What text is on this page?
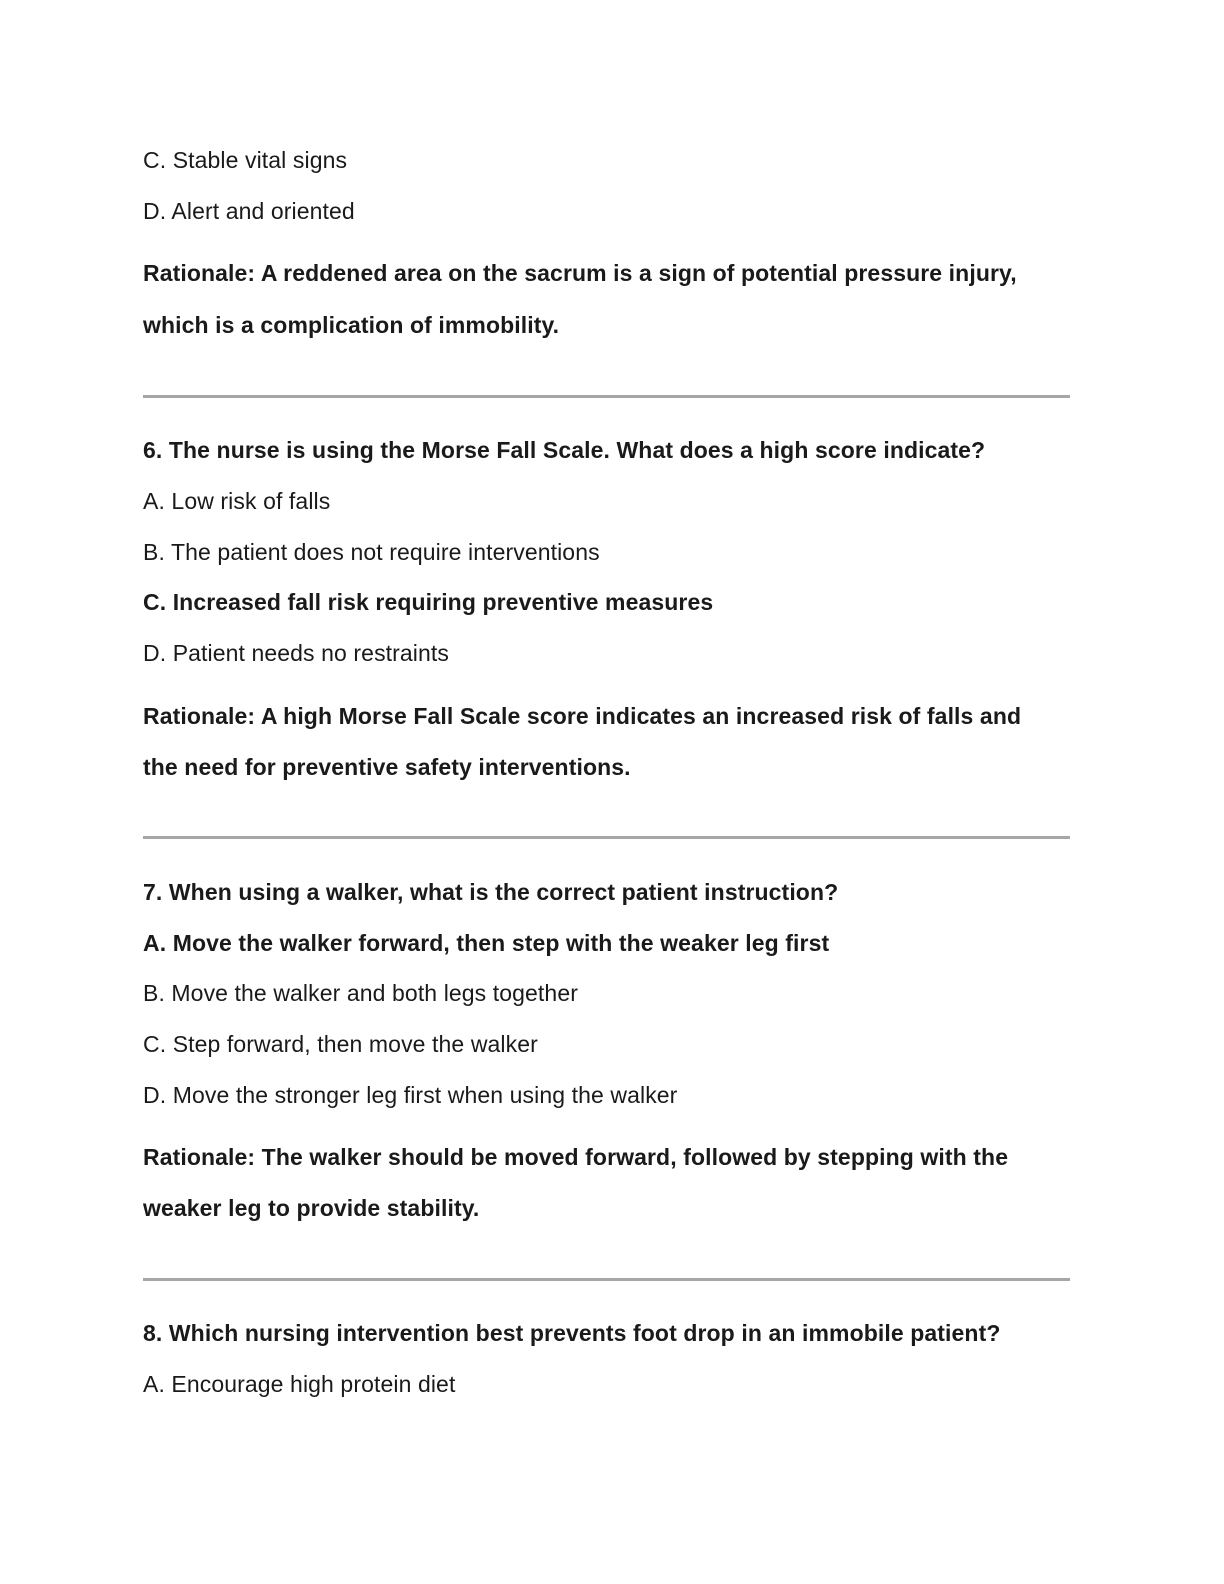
C. Stable vital signs
D. Alert and oriented
Rationale: A reddened area on the sacrum is a sign of potential pressure injury,
which is a complication of immobility.
6. The nurse is using the Morse Fall Scale. What does a high score indicate?
A. Low risk of falls
B. The patient does not require interventions
C. Increased fall risk requiring preventive measures
D. Patient needs no restraints
Rationale: A high Morse Fall Scale score indicates an increased risk of falls and
the need for preventive safety interventions.
7. When using a walker, what is the correct patient instruction?
A. Move the walker forward, then step with the weaker leg first
B. Move the walker and both legs together
C. Step forward, then move the walker
D. Move the stronger leg first when using the walker
Rationale: The walker should be moved forward, followed by stepping with the
weaker leg to provide stability.
8. Which nursing intervention best prevents foot drop in an immobile patient?
A. Encourage high protein diet
